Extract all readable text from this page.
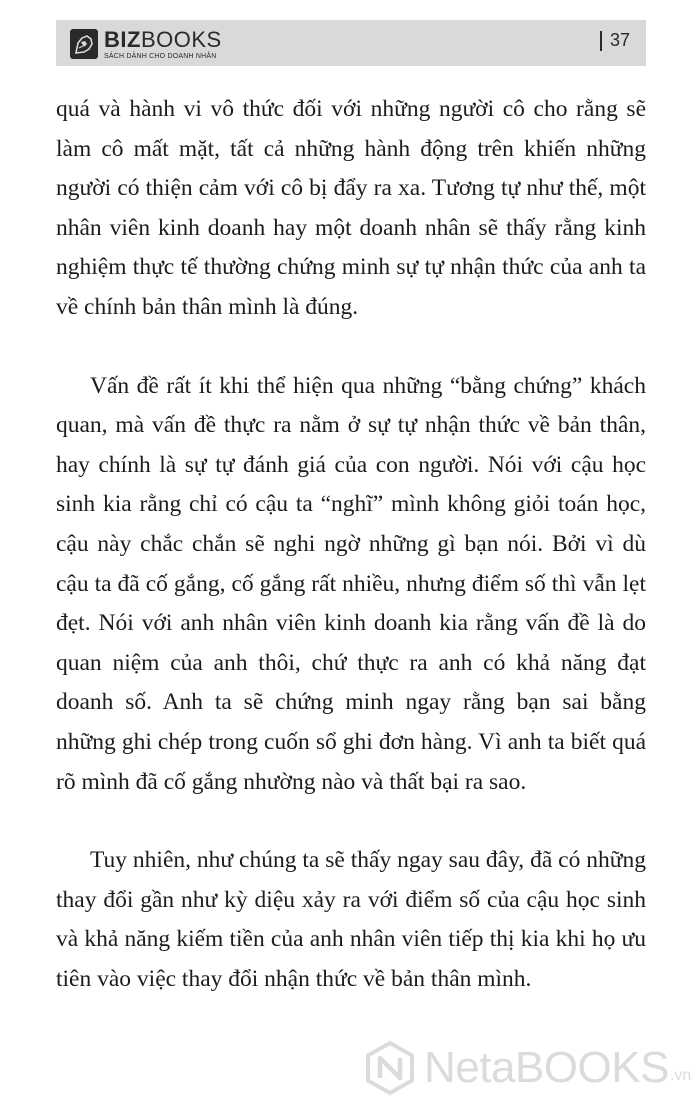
BIZBOOKS
SÁCH DÀNH CHO DOANH NHÂN
37

quá và hành vi vô thức đối với những người cô cho rằng sẽ làm cô mất mặt, tất cả những hành động trên khiến những người có thiện cảm với cô bị đẩy ra xa. Tương tự như thế, một nhân viên kinh doanh hay một doanh nhân sẽ thấy rằng kinh nghiệm thực tế thường chứng minh sự tự nhận thức của anh ta về chính bản thân mình là đúng.

Vấn đề rất ít khi thể hiện qua những “bằng chứng” khách quan, mà vấn đề thực ra nằm ở sự tự nhận thức về bản thân, hay chính là sự tự đánh giá của con người. Nói với cậu học sinh kia rằng chỉ có cậu ta “nghĩ” mình không giỏi toán học, cậu này chắc chắn sẽ nghi ngờ những gì bạn nói. Bởi vì dù cậu ta đã cố gắng, cố gắng rất nhiều, nhưng điểm số thì vẫn lẹt đẹt. Nói với anh nhân viên kinh doanh kia rằng vấn đề là do quan niệm của anh thôi, chứ thực ra anh có khả năng đạt doanh số. Anh ta sẽ chứng minh ngay rằng bạn sai bằng những ghi chép trong cuốn sổ ghi đơn hàng. Vì anh ta biết quá rõ mình đã cố gắng nhường nào và thất bại ra sao.

Tuy nhiên, như chúng ta sẽ thấy ngay sau đây, đã có những thay đổi gần như kỳ diệu xảy ra với điểm số của cậu học sinh và khả năng kiếm tiền của anh nhân viên tiếp thị kia khi họ ưu tiên vào việc thay đổi nhận thức về bản thân mình.

NetaBOOKS .vn
